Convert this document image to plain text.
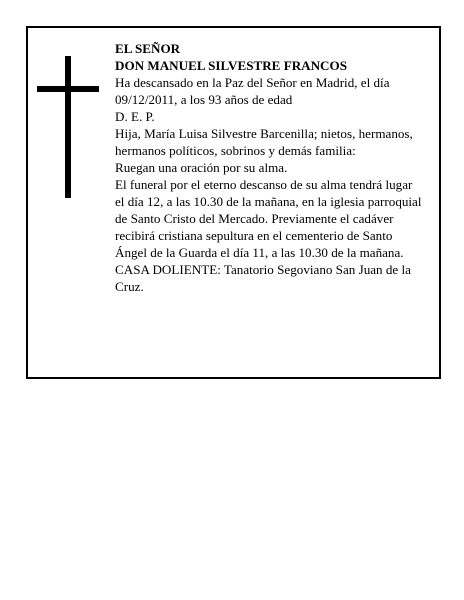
EL SEÑOR

DON MANUEL SILVESTRE FRANCOS

Ha descansado en la Paz del Señor en Madrid, el día 09/12/2011, a los 93 años de edad

D. E. P.

Hija, María Luisa Silvestre Barcenilla; nietos, hermanos, hermanos políticos, sobrinos y demás familia:

Ruegan una oración por su alma.

El funeral por el eterno descanso de su alma tendrá lugar el día 12, a las 10.30 de la mañana, en la iglesia parroquial de Santo Cristo del Mercado. Previamente el cadáver recibirá cristiana sepultura en el cementerio de Santo Ángel de la Guarda el día 11, a las 10.30 de la mañana.

CASA DOLIENTE: Tanatorio Segoviano San Juan de la Cruz.
